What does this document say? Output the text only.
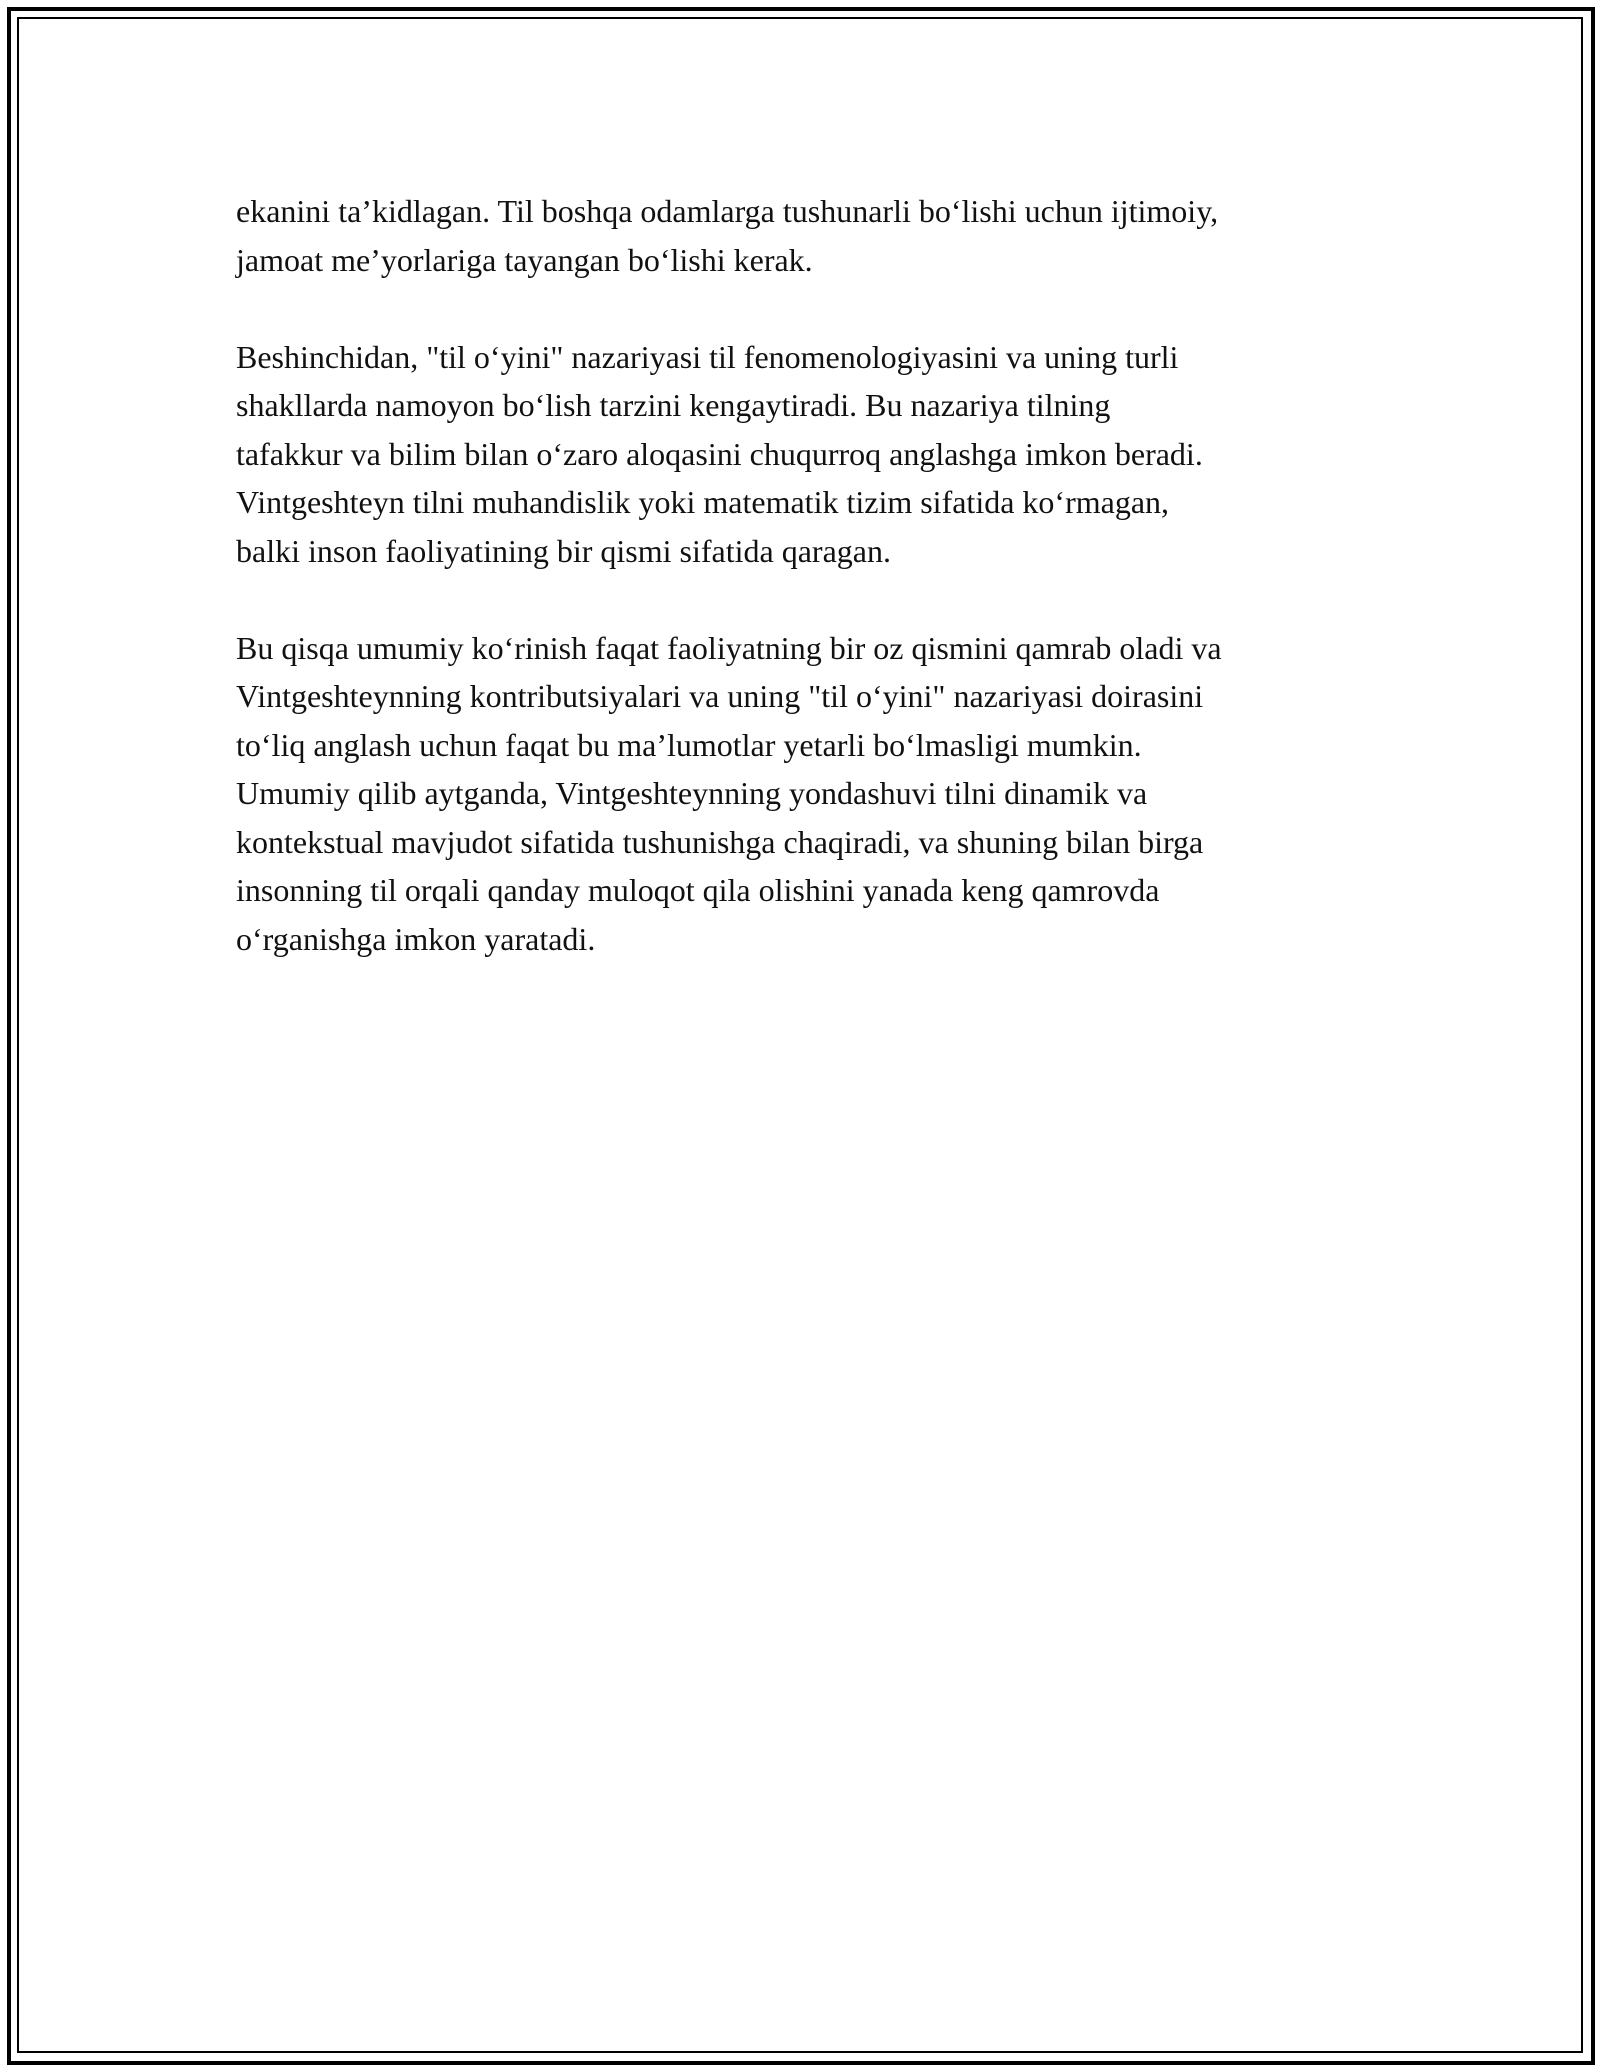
ekanini ta’kidlagan. Til boshqa odamlarga tushunarli bo‘lishi uchun ijtimoiy,
jamoat me’yorlariga tayangan bo‘lishi kerak.

Beshinchidan, "til o‘yini" nazariyasi til fenomenologiyasini va uning turli
shakllarda namoyon bo‘lish tarzini kengaytiradi. Bu nazariya tilning
tafakkur va bilim bilan o‘zaro aloqasini chuqurroq anglashga imkon beradi.
Vintgeshteyn tilni muhandislik yoki matematik tizim sifatida ko‘rmagan,
balki inson faoliyatining bir qismi sifatida qaragan.

Bu qisqa umumiy ko‘rinish faqat faoliyatning bir oz qismini qamrab oladi va
Vintgeshteynning kontributsiyalari va uning "til o‘yini" nazariyasi doirasini
to‘liq anglash uchun faqat bu ma’lumotlar yetarli bo‘lmasligi mumkin.
Umumiy qilib aytganda, Vintgeshteynning yondashuvi tilni dinamik va
kontekstual mavjudot sifatida tushunishga chaqiradi, va shuning bilan birga
insonning til orqali qanday muloqot qila olishini yanada keng qamrovda
o‘rganishga imkon yaratadi.
